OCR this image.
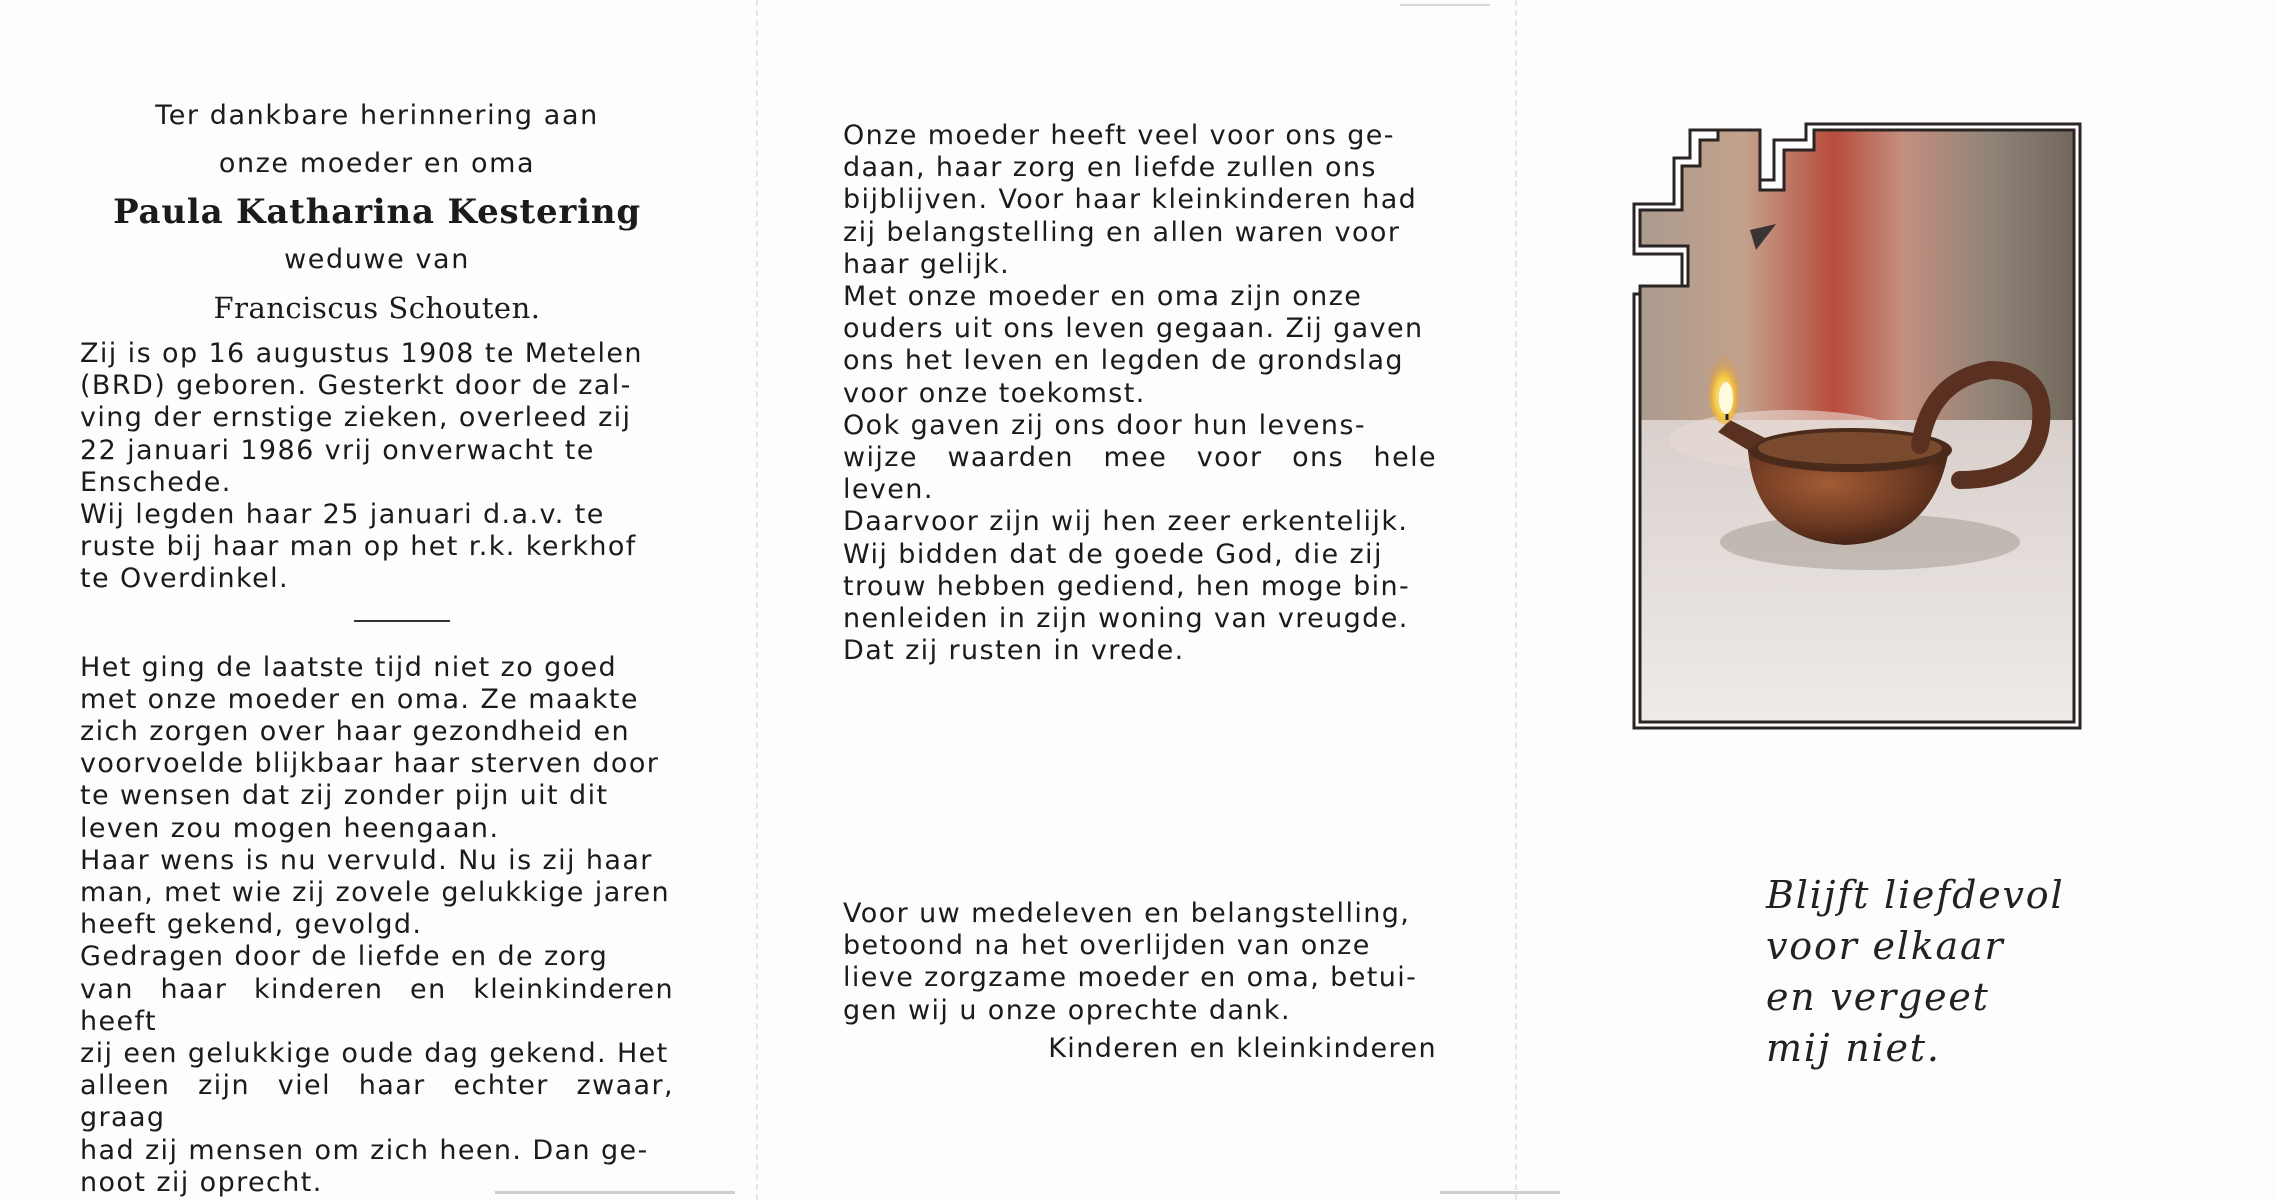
Ter dankbare herinnering aan

onze moeder en oma

Paula Katharina Kestering

weduwe van

Franciscus Schouten.

Zij is op 16 augustus 1908 te Metelen

(BRD) geboren. Gesterkt door de zal-

ving der ernstige zieken, overleed zij

22 januari 1986 vrij onverwacht te

Enschede.

Wij legden haar 25 januari d.a.v. te

ruste bij haar man op het r.k. kerkhof

te Overdinkel.

Het ging de laatste tijd niet zo goed

met onze moeder en oma. Ze maakte

zich zorgen over haar gezondheid en

voorvoelde blijkbaar haar sterven door

te wensen dat zij zonder pijn uit dit

leven zou mogen heengaan.

Haar wens is nu vervuld. Nu is zij haar

man, met wie zij zovele gelukkige jaren

heeft gekend, gevolgd.

Gedragen door de liefde en de zorg

van haar kinderen en kleinkinderen heeft

zij een gelukkige oude dag gekend. Het

alleen zijn viel haar echter zwaar, graag

had zij mensen om zich heen. Dan ge-

noot zij oprecht.

Onze moeder heeft veel voor ons ge-

daan, haar zorg en liefde zullen ons

bijblijven. Voor haar kleinkinderen had

zij belangstelling en allen waren voor

haar gelijk.

Met onze moeder en oma zijn onze

ouders uit ons leven gegaan. Zij gaven

ons het leven en legden de grondslag

voor onze toekomst.

Ook gaven zij ons door hun levens-

wijze waarden mee voor ons hele leven.

Daarvoor zijn wij hen zeer erkentelijk.

Wij bidden dat de goede God, die zij

trouw hebben gediend, hen moge bin-

nenleiden in zijn woning van vreugde.

Dat zij rusten in vrede.

Voor uw medeleven en belangstelling,

betoond na het overlijden van onze

lieve zorgzame moeder en oma, betui-

gen wij u onze oprechte dank.

Kinderen en kleinkinderen
Blijft liefdevol
voor elkaar
en vergeet
mij niet.
